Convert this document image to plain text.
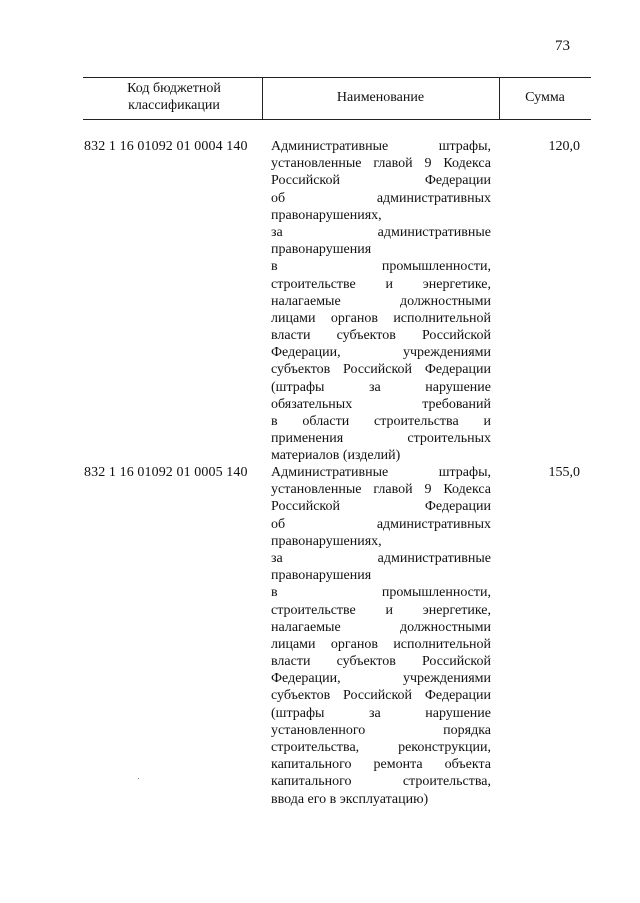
73
Код бюджетной классификации
Наименование	Сумма
832 1 16 01092 01 0004 140 Административные штрафы,
установленные главой 9 Кодекса
Российской Федерации
об административных
правонарушениях,
за административные
правонарушения
в промышленности,
строительстве и энергетике,
налагаемые должностными
лицами органов исполнительной
власти субъектов Российской
Федерации, учреждениями
субъектов Российской Федерации
(штрафы за нарушение
обязательных требований
в области строительства и
применения строительных
материалов (изделий)
120,0
832 1 16 01092 01 0005 140 Административные штрафы,
установленные главой 9 Кодекса
Российской Федерации
об административных
правонарушениях,
за административные
правонарушения
в промышленности,
строительстве и энергетике,
налагаемые должностными
лицами органов исполнительной
власти субъектов Российской
Федерации, учреждениями
субъектов Российской Федерации
(штрафы за нарушение
установленного порядка
строительства, реконструкции,
капитального ремонта объекта
капитального строительства,
ввода его в эксплуатацию)
155,0
